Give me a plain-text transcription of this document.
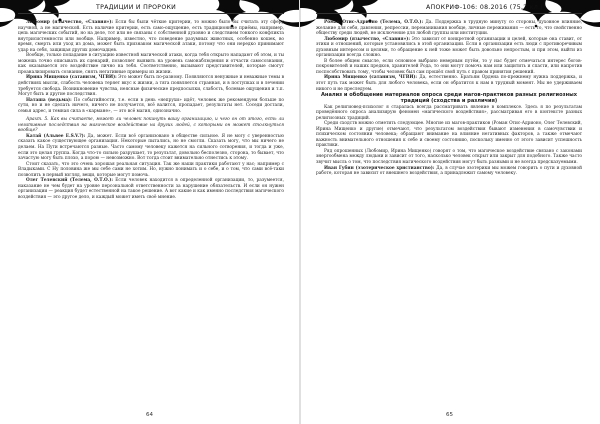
ТРАДИЦИИ И ПРОРОКИ

Любомир (язычество, «Славия»): Если бы были чёткие критерии, то можно было бы считать эту сферу научной, а не магической. Есть наличие критерии, есть само-ощущение, есть традиционные приёмы, например, цепь магических событий, но на деле, тот или не связаны с собственной духовно и следствием тонкого конфликта внутрисистемности или вообще. Например, известно, что поведение разумных животных, особенно кошек, во время, смерть или уход из дома, может быть признаком магической атаки, потому что они нередко принимают удар на себя, защищая других домочадцев.

Вообще, только попадание в ситуацию известной магической атаки, когда тебя открыто нападают об этом, и ты можешь точно описывать их сценарий, позволяет выявить на уровень самонаблюдения и отчасти самосознания, как оказывается это воздействие лично на тебя. Соответственно, вызывают представителей, которые смогут проанализировать сознание, снять негативные примеры из жизни.

Ирина Мищенко (сатанизм, ЧГВИ): Это может быть по-разному. Появляются ненужные и неважные темы в действиях мысли, слабость человека теряет вкус к жизни, а тяга появляется странная, и в поступках и в лечении требуется свобода. Возникновение чувства, неясные физические предпосылки, слабость, болевые ощущения и т.п. Могут быть и другие последствия.

Наташа (ведьма): По событийности, т.е. если в день «непрухи» идёт, человек же рекомендуем больше по сути, но и не сделать ничего, ничего не получается, всё валится, пропадает, результаты нет. Соседи достали, семья адрес, и темная сила в «кармане», — это всё магия, однозначно.

Арахт. 5. Как вы считаете, может ли человек покинуть вашу организацию, и чего он от этого, есть ли негативные последствия на магическое воздействие на других людей, с которыми он может столкнуться вообще?

Катай (Альвее Е.S.V.?): Да, может. Если всё организовано в обществе сильное. Я не могу с уверенностью сказать какое существующее организация. Некоторые пытались, но не смогли. Сказать могу, что мы ничего не делаем. На Пути встречаются разные. Часто самому человеку кажется на сильного сотворения, и тогда и уже, если это целая группа. Когда что-то сильно разрушает, то результат, довольно бесполезно, сторона, то бывает, что зачастую могу быть плохо, а порою — невозможно. Вот тогда стоит внимательно отнестись к этому.

Стоит сказать, что это очень хорошая реальная ситуация. Так же наши практики работают у нас; например с Владыками. С Ну половина же мы себе сами не хотим. Но, нужно понимать и о себе, и о том, что сами всё-таки позволить в первый взгляд, вещи, которые могут помочь.

Олег Телевский (Телема, О.Т.О.): Если человек находится в определенной организации, то, разумеется, наказание не чем будет на уровне персональной ответственности за нарушение обязательств. И если он нужен организации — реакция будет естественной на такое решение. А вот какие и как именно последствия магического воздействия — это другое дело, и каждый может иметь своё мнение.

64
АПОКРИФ-106: 08.2016 (75,2 кл.)

Роман Отис-Адрионо (Телема, О.Т.О.): Да. Поддержка в трудную минуту со стороны, духовное влияние, желание для себя, давления, репрессии, переманивания вообще, личные переживания — есть то, что свойственно обществу среди людей, не исключение для любой группы или институции.

Любомир (язычество, «Славия»): Это зависит от конкретной организации и целей, которые она ставит, от этики и отношений, которые установились в этой организации. Если в организации есть люди с противоречивым духовным интересом и целями, то обращение к ней тоже может быть довольно непростым, и при этом, выйти из организации всегда сложно.

В более общем смысле, если основное выбрано неверным путём, то у нас будет отмечаться интерес богов-покровителей и наших предков, хранителей Рода, то они могут помочь нам или защитить и спасти, или напротив поспособствовать тому, чтобы человек был сам прошёл свой путь с правом принятия решений.

Ирина Мищенко (сатанизм, ЧГВИ): Да, естественно. Братьям Ордена по-прежнему нужна поддержка, и этот путь так может быть для любого человека, если он обратится к нам в трудный момент. Мы не удерживаем никого и не преследуем.

Анализ и обобщение материалов опроса среди магов-практиков разных религиозных традиций (сходства и различия)

Как религиовед-психолог я старалась всегда рассматривать явление в комплексе. Здесь я по результатам проведённого опроса анализирую феномен «магического воздействия», рассматривая его в контексте разных религиозных традиций.

Среди сходств можно отметить следующее. Многие из магов-практиков (Роман Отис-Адрионо, Олег Телевский, Ирина Мищенко и другие) отмечают, что результатом воздействия бывают изменения в самочувствии и психическом состоянии человека; обращают внимание на влияние негативных факторов, а также отмечают важность внимательного отношения к себе и своему состоянию, поскольку именно от этого зависит успешность практики.

Ряд опрошенных (Любомир, Ирина Мищенко) говорят о том, что магическое воздействие связано с законами энергообмена между людьми и зависит от того, насколько человек открыт или закрыт для подобного. Также часто звучит мысль о том, что последствия магического воздействия могут быть разными и не всегда предсказуемыми.

Иван Губин (эзотерическое христианство): Да, в случае эзотерики мы можем говорить о пути и духовной работе, которая не зависит от внешнего воздействия, а принадлежит самому человеку.

65
